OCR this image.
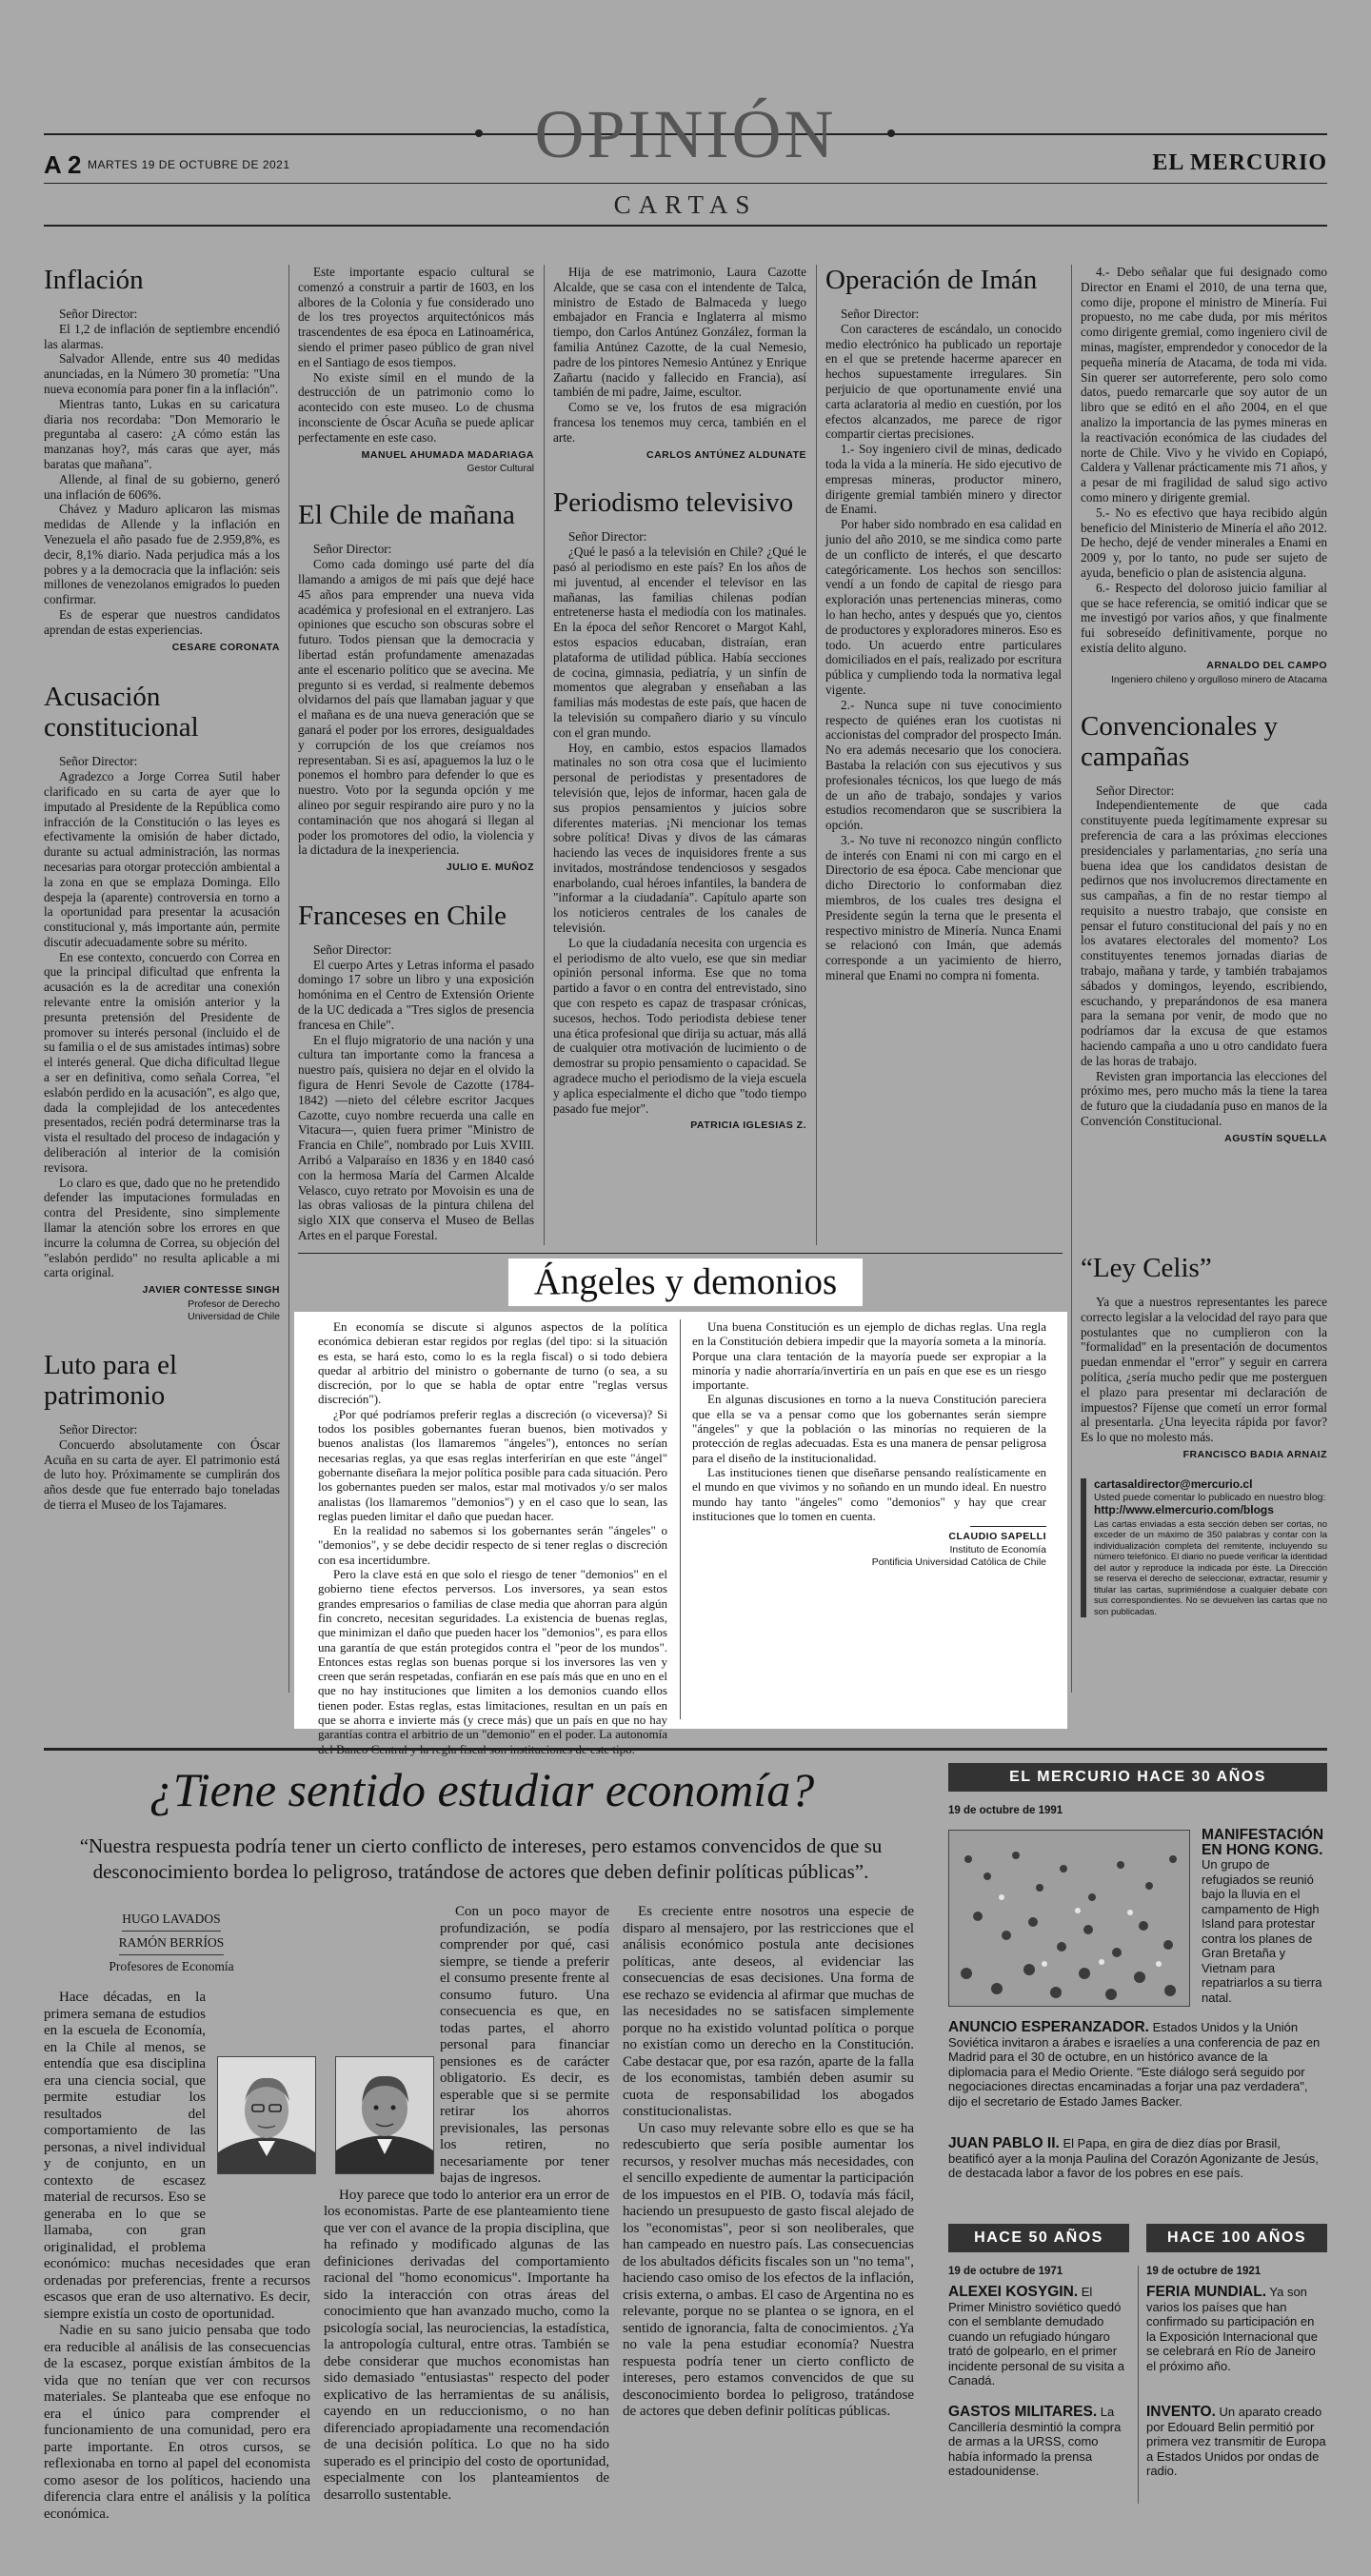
OPINIÓN
A 2 MARTES 19 DE OCTUBRE DE 2021	EL MERCURIO
CARTAS
Inflación

Señor Director:

El 1,2 de inflación de septiembre encendió las alarmas.

Salvador Allende, entre sus 40 medidas anunciadas, en la Número 30 prometía: "Una nueva economía para poner fin a la inflación".

Mientras tanto, Lukas en su caricatura diaria nos recordaba: "Don Memorario le preguntaba al casero: ¿A cómo están las manzanas hoy?, más caras que ayer, más baratas que mañana".

Allende, al final de su gobierno, generó una inflación de 606%.

Chávez y Maduro aplicaron las mismas medidas de Allende y la inflación en Venezuela el año pasado fue de 2.959,8%, es decir, 8,1% diario. Nada perjudica más a los pobres y a la democracia que la inflación: seis millones de venezolanos emigrados lo pueden confirmar.

Es de esperar que nuestros candidatos aprendan de estas experiencias.

CESARE CORONATA
Acusación constitucional

Señor Director:

Agradezco a Jorge Correa Sutil haber clarificado en su carta de ayer que lo imputado al Presidente de la República como infracción de la Constitución o las leyes es efectivamente la omisión de haber dictado, durante su actual administración, las normas necesarias para otorgar protección ambiental a la zona en que se emplaza Dominga. Ello despeja la (aparente) controversia en torno a la oportunidad para presentar la acusación constitucional y, más importante aún, permite discutir adecuadamente sobre su mérito.

En ese contexto, concuerdo con Correa en que la principal dificultad que enfrenta la acusación es la de acreditar una conexión relevante entre la omisión anterior y la presunta pretensión del Presidente de promover su interés personal (incluido el de su familia o el de sus amistades íntimas) sobre el interés general. Que dicha dificultad llegue a ser en definitiva, como señala Correa, "el eslabón perdido en la acusación", es algo que, dada la complejidad de los antecedentes presentados, recién podrá determinarse tras la vista el resultado del proceso de indagación y deliberación al interior de la comisión revisora.

Lo claro es que, dado que no he pretendido defender las imputaciones formuladas en contra del Presidente, sino simplemente llamar la atención sobre los errores en que incurre la columna de Correa, su objeción del "eslabón perdido" no resulta aplicable a mi carta original.

JAVIER CONTESSE SINGH
Profesor de Derecho
Universidad de Chile
Luto para el patrimonio

Señor Director:

Concuerdo absolutamente con Óscar Acuña en su carta de ayer. El patrimonio está de luto hoy. Próximamente se cumplirán dos años desde que fue enterrado bajo toneladas de tierra el Museo de los Tajamares.

Este importante espacio cultural se comenzó a construir a partir de 1603, en los albores de la Colonia y fue considerado uno de los tres proyectos arquitectónicos más trascendentes de esa época en Latinoamérica, siendo el primer paseo público de gran nivel en el Santiago de esos tiempos.

No existe símil en el mundo de la destrucción de un patrimonio como lo acontecido con este museo. Lo de chusma inconsciente de Óscar Acuña se puede aplicar perfectamente en este caso.

MANUEL AHUMADA MADARIAGA
Gestor Cultural
El Chile de mañana

Señor Director:

Como cada domingo usé parte del día llamando a amigos de mi país que dejé hace 45 años para emprender una nueva vida académica y profesional en el extranjero. Las opiniones que escucho son obscuras sobre el futuro. Todos piensan que la democracia y libertad están profundamente amenazadas ante el escenario político que se avecina. Me pregunto si es verdad, si realmente debemos olvidarnos del país que llamaban jaguar y que el mañana es de una nueva generación que se ganará el poder por los errores, desigualdades y corrupción de los que creíamos nos representaban. Si es así, apaguemos la luz o le ponemos el hombro para defender lo que es nuestro. Voto por la segunda opción y me alineo por seguir respirando aire puro y no la contaminación que nos ahogará si llegan al poder los promotores del odio, la violencia y la dictadura de la inexperiencia.

JULIO E. MUÑOZ
Franceses en Chile

Señor Director:

El cuerpo Artes y Letras informa el pasado domingo 17 sobre un libro y una exposición homónima en el Centro de Extensión Oriente de la UC dedicada a "Tres siglos de presencia francesa en Chile".

En el flujo migratorio de una nación y una cultura tan importante como la francesa a nuestro país, quisiera no dejar en el olvido la figura de Henri Sevole de Cazotte (1784-1842) —nieto del célebre escritor Jacques Cazotte, cuyo nombre recuerda una calle en Vitacura—, quien fuera primer "Ministro de Francia en Chile", nombrado por Luis XVIII. Arribó a Valparaíso en 1836 y en 1840 casó con la hermosa María del Carmen Alcalde Velasco, cuyo retrato por Movoisin es una de las obras valiosas de la pintura chilena del siglo XIX que conserva el Museo de Bellas Artes en el parque Forestal.

Hija de ese matrimonio, Laura Cazotte Alcalde, que se casa con el intendente de Talca, ministro de Estado de Balmaceda y luego embajador en Francia e Inglaterra al mismo tiempo, don Carlos Antúnez González, forman la familia Antúnez Cazotte, de la cual Nemesio, padre de los pintores Nemesio Antúnez y Enrique Zañartu (nacido y fallecido en Francia), así también de mi padre, Jaime, escultor.

Como se ve, los frutos de esa migración francesa los tenemos muy cerca, también en el arte.

CARLOS ANTÚNEZ ALDUNATE
Periodismo televisivo

Señor Director:

¿Qué le pasó a la televisión en Chile? ¿Qué le pasó al periodismo en este país? En los años de mi juventud, al encender el televisor en las mañanas, las familias chilenas podían entretenerse hasta el mediodía con los matinales. En la época del señor Rencoret o Margot Kahl, estos espacios educaban, distraían, eran plataforma de utilidad pública. Había secciones de cocina, gimnasia, pediatría, y un sinfín de momentos que alegraban y enseñaban a las familias más modestas de este país, que hacen de la televisión su compañero diario y su vínculo con el gran mundo.

Hoy, en cambio, estos espacios llamados matinales no son otra cosa que el lucimiento personal de periodistas y presentadores de televisión que, lejos de informar, hacen gala de sus propios pensamientos y juicios sobre diferentes materias. ¡Ni mencionar los temas sobre política! Divas y divos de las cámaras haciendo las veces de inquisidores frente a sus invitados, mostrándose tendenciosos y sesgados enarbolando, cual héroes infantiles, la bandera de "informar a la ciudadanía". Capítulo aparte son los noticieros centrales de los canales de televisión.

Lo que la ciudadanía necesita con urgencia es el periodismo de alto vuelo, ese que sin mediar opinión personal informa. Ese que no toma partido a favor o en contra del entrevistado, sino que con respeto es capaz de traspasar crónicas, sucesos, hechos. Todo periodista debiese tener una ética profesional que dirija su actuar, más allá de cualquier otra motivación de lucimiento o de demostrar su propio pensamiento o capacidad. Se agradece mucho el periodismo de la vieja escuela y aplica especialmente el dicho que "todo tiempo pasado fue mejor".

PATRICIA IGLESIAS Z.
Operación de Imán

Señor Director:

Con caracteres de escándalo, un conocido medio electrónico ha publicado un reportaje en el que se pretende hacerme aparecer en hechos supuestamente irregulares. Sin perjuicio de que oportunamente envié una carta aclaratoria al medio en cuestión, por los efectos alcanzados, me parece de rigor compartir ciertas precisiones.

1.- Soy ingeniero civil de minas, dedicado toda la vida a la minería. He sido ejecutivo de empresas mineras, productor minero, dirigente gremial también minero y director de Enami.

Por haber sido nombrado en esa calidad en junio del año 2010, se me sindica como parte de un conflicto de interés, el que descarto categóricamente. Los hechos son sencillos: vendí a un fondo de capital de riesgo para exploración unas pertenencias mineras, como lo han hecho, antes y después que yo, cientos de productores y exploradores mineros. Eso es todo. Un acuerdo entre particulares domiciliados en el país, realizado por escritura pública y cumpliendo toda la normativa legal vigente.

2.- Nunca supe ni tuve conocimiento respecto de quiénes eran los cuotistas ni accionistas del comprador del prospecto Imán. No era además necesario que los conociera. Bastaba la relación con sus ejecutivos y sus profesionales técnicos, los que luego de más de un año de trabajo, sondajes y varios estudios recomendaron que se suscribiera la opción.

3.- No tuve ni reconozco ningún conflicto de interés con Enami ni con mi cargo en el Directorio de esa época. Cabe mencionar que dicho Directorio lo conformaban diez miembros, de los cuales tres designa el Presidente según la terna que le presenta el respectivo ministro de Minería. Nunca Enami se relacionó con Imán, que además corresponde a un yacimiento de hierro, mineral que Enami no compra ni fomenta.

4.- Debo señalar que fui designado como Director en Enami el 2010, de una terna que, como dije, propone el ministro de Minería. Fui propuesto, no me cabe duda, por mis méritos como dirigente gremial, como ingeniero civil de minas, magíster, emprendedor y conocedor de la pequeña minería de Atacama, de toda mi vida. Sin querer ser autorreferente, pero solo como datos, puedo remarcarle que soy autor de un libro que se editó en el año 2004, en el que analizo la importancia de las pymes mineras en la reactivación económica de las ciudades del norte de Chile. Vivo y he vivido en Copiapó, Caldera y Vallenar prácticamente mis 71 años, y a pesar de mi fragilidad de salud sigo activo como minero y dirigente gremial.

5.- No es efectivo que haya recibido algún beneficio del Ministerio de Minería el año 2012. De hecho, dejé de vender minerales a Enami en 2009 y, por lo tanto, no pude ser sujeto de ayuda, beneficio o plan de asistencia alguna.

6.- Respecto del doloroso juicio familiar al que se hace referencia, se omitió indicar que se me investigó por varios años, y que finalmente fui sobreseído definitivamente, porque no existía delito alguno.

ARNALDO DEL CAMPO
Ingeniero chileno y orgulloso minero de Atacama
Convencionales y campañas

Señor Director:

Independientemente de que cada constituyente pueda legítimamente expresar su preferencia de cara a las próximas elecciones presidenciales y parlamentarias, ¿no sería una buena idea que los candidatos desistan de pedirnos que nos involucremos directamente en sus campañas, a fin de no restar tiempo al requisito a nuestro trabajo, que consiste en pensar el futuro constitucional del país y no en los avatares electorales del momento? Los constituyentes tenemos jornadas diarias de trabajo, mañana y tarde, y también trabajamos sábados y domingos, leyendo, escribiendo, escuchando, y preparándonos de esa manera para la semana por venir, de modo que no podríamos dar la excusa de que estamos haciendo campaña a uno u otro candidato fuera de las horas de trabajo.

Revisten gran importancia las elecciones del próximo mes, pero mucho más la tiene la tarea de futuro que la ciudadanía puso en manos de la Convención Constitucional.

AGUSTÍN SQUELLA
Ángeles y demonios

En economía se discute si algunos aspectos de la política económica debieran estar regidos por reglas (del tipo: si la situación es esta, se hará esto, como lo es la regla fiscal) o si todo debiera quedar al arbitrio del ministro o gobernante de turno (o sea, a su discreción, por lo que se habla de optar entre "reglas versus discreción").

¿Por qué podríamos preferir reglas a discreción (o viceversa)? Si todos los posibles gobernantes fueran buenos, bien motivados y buenos analistas (los llamaremos "ángeles"), entonces no serían necesarias reglas, ya que esas reglas interferirían en que este "ángel" gobernante diseñara la mejor política posible para cada situación. Pero los gobernantes pueden ser malos, estar mal motivados y/o ser malos analistas (los llamaremos "demonios") y en el caso que lo sean, las reglas pueden limitar el daño que puedan hacer.

En la realidad no sabemos si los gobernantes serán "ángeles" o "demonios", y se debe decidir respecto de si tener reglas o discreción con esa incertidumbre.

Pero la clave está en que solo el riesgo de tener "demonios" en el gobierno tiene efectos perversos. Los inversores, ya sean estos grandes empresarios o familias de clase media que ahorran para algún fin concreto, necesitan seguridades. La existencia de buenas reglas, que minimizan el daño que pueden hacer los "demonios", es para ellos una garantía de que están protegidos contra el "peor de los mundos". Entonces estas reglas son buenas porque si los inversores las ven y creen que serán respetadas, confiarán en ese país más que en uno en el que no hay instituciones que limiten a los demonios cuando ellos tienen poder. Estas reglas, estas limitaciones, resultan en un país en que se ahorra e invierte más (y crece más) que un país en que no hay garantías contra el arbitrio de un "demonio" en el poder. La autonomía del Banco Central y la regla fiscal son instituciones de este tipo.

Una buena Constitución es un ejemplo de dichas reglas. Una regla en la Constitución debiera impedir que la mayoría someta a la minoría. Porque una clara tentación de la mayoría puede ser expropiar a la minoría y nadie ahorraría/invertiría en un país en que ese es un riesgo importante.

En algunas discusiones en torno a la nueva Constitución pareciera que ella se va a pensar como que los gobernantes serán siempre "ángeles" y que la población o las minorías no requieren de la protección de reglas adecuadas. Esta es una manera de pensar peligrosa para el diseño de la institucionalidad.

Las instituciones tienen que diseñarse pensando realísticamente en el mundo en que vivimos y no soñando en un mundo ideal. En nuestro mundo hay tanto "ángeles" como "demonios" y hay que crear instituciones que lo tomen en cuenta.

CLAUDIO SAPELLI
Instituto de Economía
Pontificia Universidad Católica de Chile
“Ley Celis”

Ya que a nuestros representantes les parece correcto legislar a la velocidad del rayo para que postulantes que no cumplieron con la "formalidad" en la presentación de documentos puedan enmendar el "error" y seguir en carrera política, ¿sería mucho pedir que me posterguen el plazo para presentar mi declaración de impuestos? Fíjense que cometí un error formal al presentarla. ¿Una leyecita rápida por favor? Es lo que no molesto más.

FRANCISCO BADIA ARNAIZ
cartasaldirector@mercurio.cl
Usted puede comentar lo publicado en nuestro blog:
http://www.elmercurio.com/blogs

Las cartas enviadas a esta sección deben ser cortas, no exceder de un máximo de 350 palabras y contar con la individualización completa del remitente, incluyendo su número telefónico. El diario no puede verificar la identidad del autor y reproduce la indicada por éste. La Dirección se reserva el derecho de seleccionar, extractar, resumir y titular las cartas, suprimiéndose a cualquier debate con sus correspondientes. No se devuelven las cartas que no son publicadas.
¿Tiene sentido estudiar economía?
“Nuestra respuesta podría tener un cierto conflicto de intereses, pero estamos convencidos de que su desconocimiento bordea lo peligroso, tratándose de actores que deben definir políticas públicas”.
HUGO LAVADOS
RAMÓN BERRÍOS

Profesores de Economía

Hace décadas, en la primera semana de estudios en la escuela de Economía, en la Chile al menos, se entendía que esa disciplina era una ciencia social, que permite estudiar los resultados del comportamiento de las personas, a nivel individual y de conjunto, en un contexto de escasez material de recursos. Eso se generaba en lo que se llamaba, con gran originalidad, el problema económico: muchas necesidades que eran ordenadas por preferencias, frente a recursos escasos que eran de uso alternativo. Es decir, siempre existía un costo de oportunidad.

Nadie en su sano juicio pensaba que todo era reducible al análisis de las consecuencias de la escasez, porque existían ámbitos de la vida que no tenían que ver con recursos materiales. Se planteaba que ese enfoque no era el único para comprender el funcionamiento de una comunidad, pero era parte importante. En otros cursos, se reflexionaba en torno al papel del economista como asesor de los políticos, haciendo una diferencia clara entre el análisis y la política económica.

Con un poco mayor de profundización, se podía comprender por qué, casi siempre, se tiende a preferir el consumo presente frente al consumo futuro. Una consecuencia es que, en todas partes, el ahorro personal para financiar pensiones es de carácter obligatorio. Es decir, es esperable que si se permite retirar los ahorros previsionales, las personas los retiren, no necesariamente por tener bajas de ingresos.

Hoy parece que todo lo anterior era un error de los economistas. Parte de ese planteamiento tiene que ver con el avance de la propia disciplina, que ha refinado y modificado algunas de las definiciones derivadas del comportamiento racional del "homo economicus". Importante ha sido la interacción con otras áreas del conocimiento que han avanzado mucho, como la psicología social, las neurociencias, la estadística, la antropología cultural, entre otras. También se debe considerar que muchos economistas han sido demasiado "entusiastas" respecto del poder explicativo de las herramientas de su análisis, cayendo en un reduccionismo, o no han diferenciado apropiadamente una recomendación de una decisión política. Lo que no ha sido superado es el principio del costo de oportunidad, especialmente con los planteamientos de desarrollo sustentable.

Es creciente entre nosotros una especie de disparo al mensajero, por las restricciones que el análisis económico postula ante decisiones políticas, ante deseos, al evidenciar las consecuencias de esas decisiones. Una forma de ese rechazo se evidencia al afirmar que muchas de las necesidades no se satisfacen simplemente porque no ha existido voluntad política o porque no existían como un derecho en la Constitución. Cabe destacar que, por esa razón, aparte de la falla de los economistas, también deben asumir su cuota de responsabilidad los abogados constitucionalistas.

Un caso muy relevante sobre ello es que se ha redescubierto que sería posible aumentar los recursos, y resolver muchas más necesidades, con el sencillo expediente de aumentar la participación de los impuestos en el PIB. O, todavía más fácil, haciendo un presupuesto de gasto fiscal alejado de los "economistas", peor si son neoliberales, que han campeado en nuestro país. Las consecuencias de los abultados déficits fiscales son un "no tema", haciendo caso omiso de los efectos de la inflación, crisis externa, o ambas. El caso de Argentina no es relevante, porque no se plantea o se ignora, en el sentido de ignorancia, falta de conocimientos. ¿Ya no vale la pena estudiar economía? Nuestra respuesta podría tener un cierto conflicto de intereses, pero estamos convencidos de que su desconocimiento bordea lo peligroso, tratándose de actores que deben definir políticas públicas.

EL MERCURIO HACE 30 AÑOS
19 de octubre de 1991
MANIFESTACIÓN EN HONG KONG. Un grupo de refugiados se reunió bajo la lluvia en el campamento de High Island para protestar contra los planes de Gran Bretaña y Vietnam para repatriarlos a su tierra natal.
ANUNCIO ESPERANZADOR. Estados Unidos y la Unión Soviética invitaron a árabes e israelíes a una conferencia de paz en Madrid para el 30 de octubre, en un histórico avance de la diplomacia para el Medio Oriente. "Este diálogo será seguido por negociaciones directas encaminadas a forjar una paz verdadera", dijo el secretario de Estado James Backer.
JUAN PABLO II. El Papa, en gira de diez días por Brasil, beatificó ayer a la monja Paulina del Corazón Agonizante de Jesús, de destacada labor a favor de los pobres en ese país.
HACE 50 AÑOS	HACE 100 AÑOS
19 de octubre de 1971
ALEXEI KOSYGIN. El Primer Ministro soviético quedó con el semblante demudado cuando un refugiado húngaro trató de golpearlo, en el primer incidente personal de su visita a Canadá.
GASTOS MILITARES. La Cancillería desmintió la compra de armas a la URSS, como había informado la prensa estadounidense.
19 de octubre de 1921
FERIA MUNDIAL. Ya son varios los países que han confirmado su participación en la Exposición Internacional que se celebrará en Río de Janeiro el próximo año.
INVENTO. Un aparato creado por Edouard Belin permitió por primera vez transmitir de Europa a Estados Unidos por ondas de radio.
